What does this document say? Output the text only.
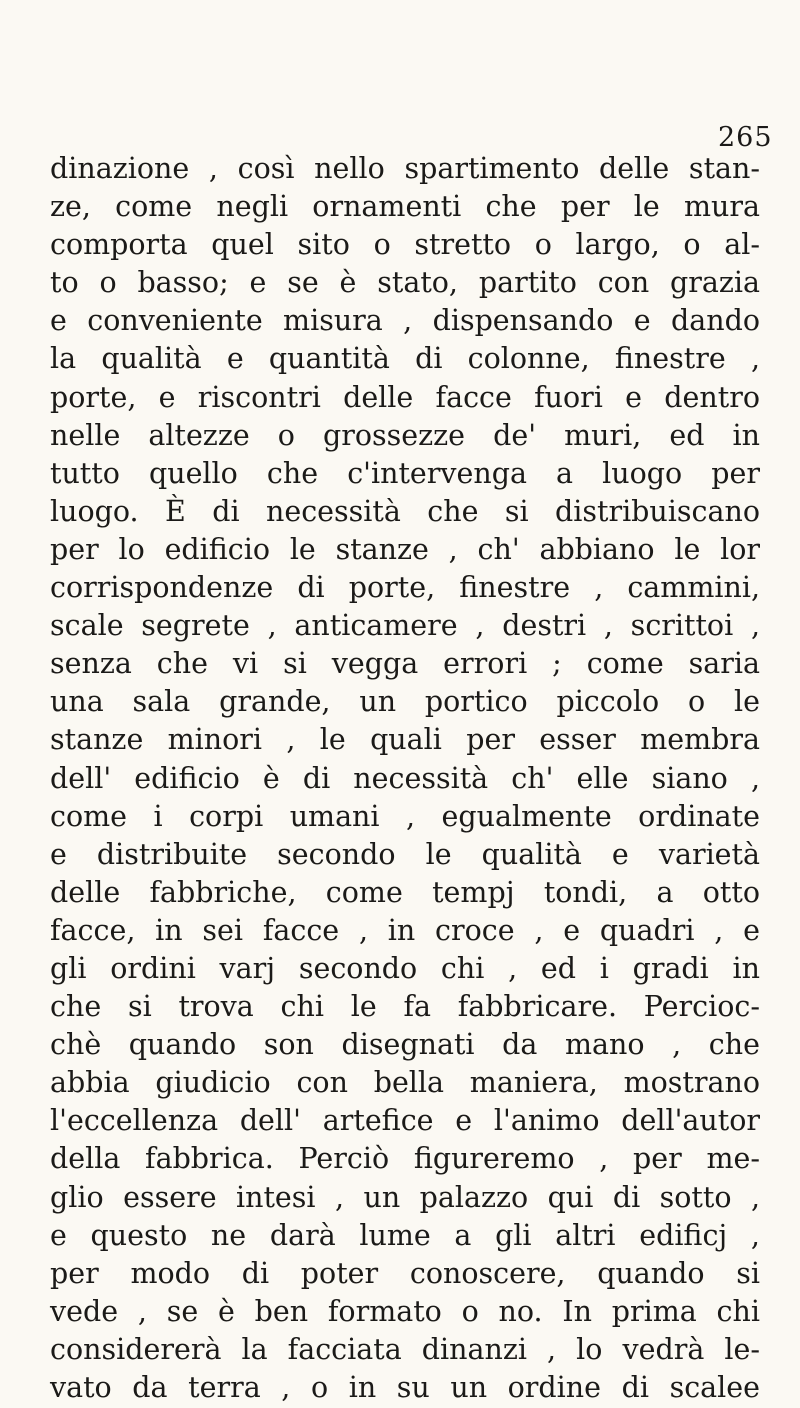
265
dinazione , così nello spartimento delle stan-
ze, come negli ornamenti che per le mura
comporta quel sito o stretto o largo, o al-
to o basso; e se è stato, partito con grazia
e conveniente misura , dispensando e dando
la qualità e quantità di colonne, finestre ,
porte, e riscontri delle facce fuori e dentro
nelle altezze o grossezze de' muri, ed in
tutto quello che c'intervenga a luogo per
luogo. È di necessità che si distribuiscano
per lo edificio le stanze , ch' abbiano le lor
corrispondenze di porte, finestre , cammini,
scale segrete , anticamere , destri , scrittoi ,
senza che vi si vegga errori ; come saria
una sala grande, un portico piccolo o le
stanze minori , le quali per esser membra
dell' edificio è di necessità ch' elle siano ,
come i corpi umani , egualmente ordinate
e distribuite secondo le qualità e varietà
delle fabbriche, come tempj tondi, a otto
facce, in sei facce , in croce , e quadri , e
gli ordini varj secondo chi , ed i gradi in
che si trova chi le fa fabbricare. Percioc-
chè quando son disegnati da mano , che
abbia giudicio con bella maniera, mostrano
l'eccellenza dell' artefice e l'animo dell'autor
della fabbrica. Perciò figureremo , per me-
glio essere intesi , un palazzo qui di sotto ,
e questo ne darà lume a gli altri edificj ,
per modo di poter conoscere, quando si
vede , se è ben formato o no. In prima chi
considererà la facciata dinanzi , lo vedrà le-
vato da terra , o in su un ordine di scalee
